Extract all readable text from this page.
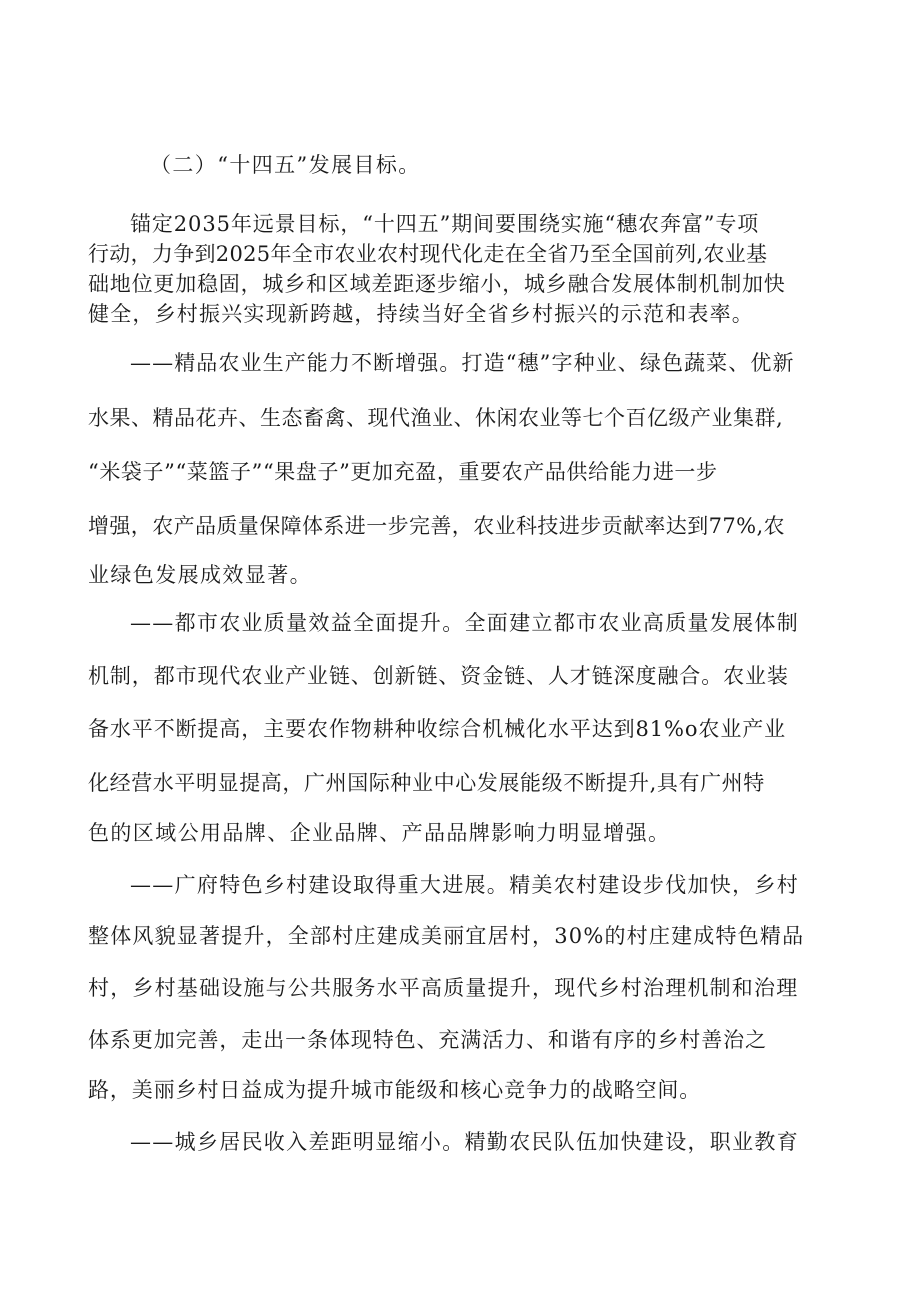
（二）“十四五”发展目标。
锚定2035年远景目标，“十四五”期间要围绕实施“穗农奔富”专项
行动，力争到2025年全市农业农村现代化走在全省乃至全国前列,农业基
础地位更加稳固，城乡和区域差距逐步缩小，城乡融合发展体制机制加快
健全，乡村振兴实现新跨越，持续当好全省乡村振兴的示范和表率。
——精品农业生产能力不断增强。打造“穗”字种业、绿色蔬菜、优新
水果、精品花卉、生态畜禽、现代渔业、休闲农业等七个百亿级产业集群,
“米袋子”“菜篮子”“果盘子”更加充盈，重要农产品供给能力进一步
增强，农产品质量保障体系进一步完善，农业科技进步贡献率达到77%,农
业绿色发展成效显著。
——都市农业质量效益全面提升。全面建立都市农业高质量发展体制
机制，都市现代农业产业链、创新链、资金链、人才链深度融合。农业装
备水平不断提高，主要农作物耕种收综合机械化水平达到81%o农业产业
化经营水平明显提高，广州国际种业中心发展能级不断提升,具有广州特
色的区域公用品牌、企业品牌、产品品牌影响力明显增强。
——广府特色乡村建设取得重大进展。精美农村建设步伐加快，乡村
整体风貌显著提升，全部村庄建成美丽宜居村，30%的村庄建成特色精品
村，乡村基础设施与公共服务水平高质量提升，现代乡村治理机制和治理
体系更加完善，走出一条体现特色、充满活力、和谐有序的乡村善治之
路，美丽乡村日益成为提升城市能级和核心竞争力的战略空间。
——城乡居民收入差距明显缩小。精勤农民队伍加快建设，职业教育
